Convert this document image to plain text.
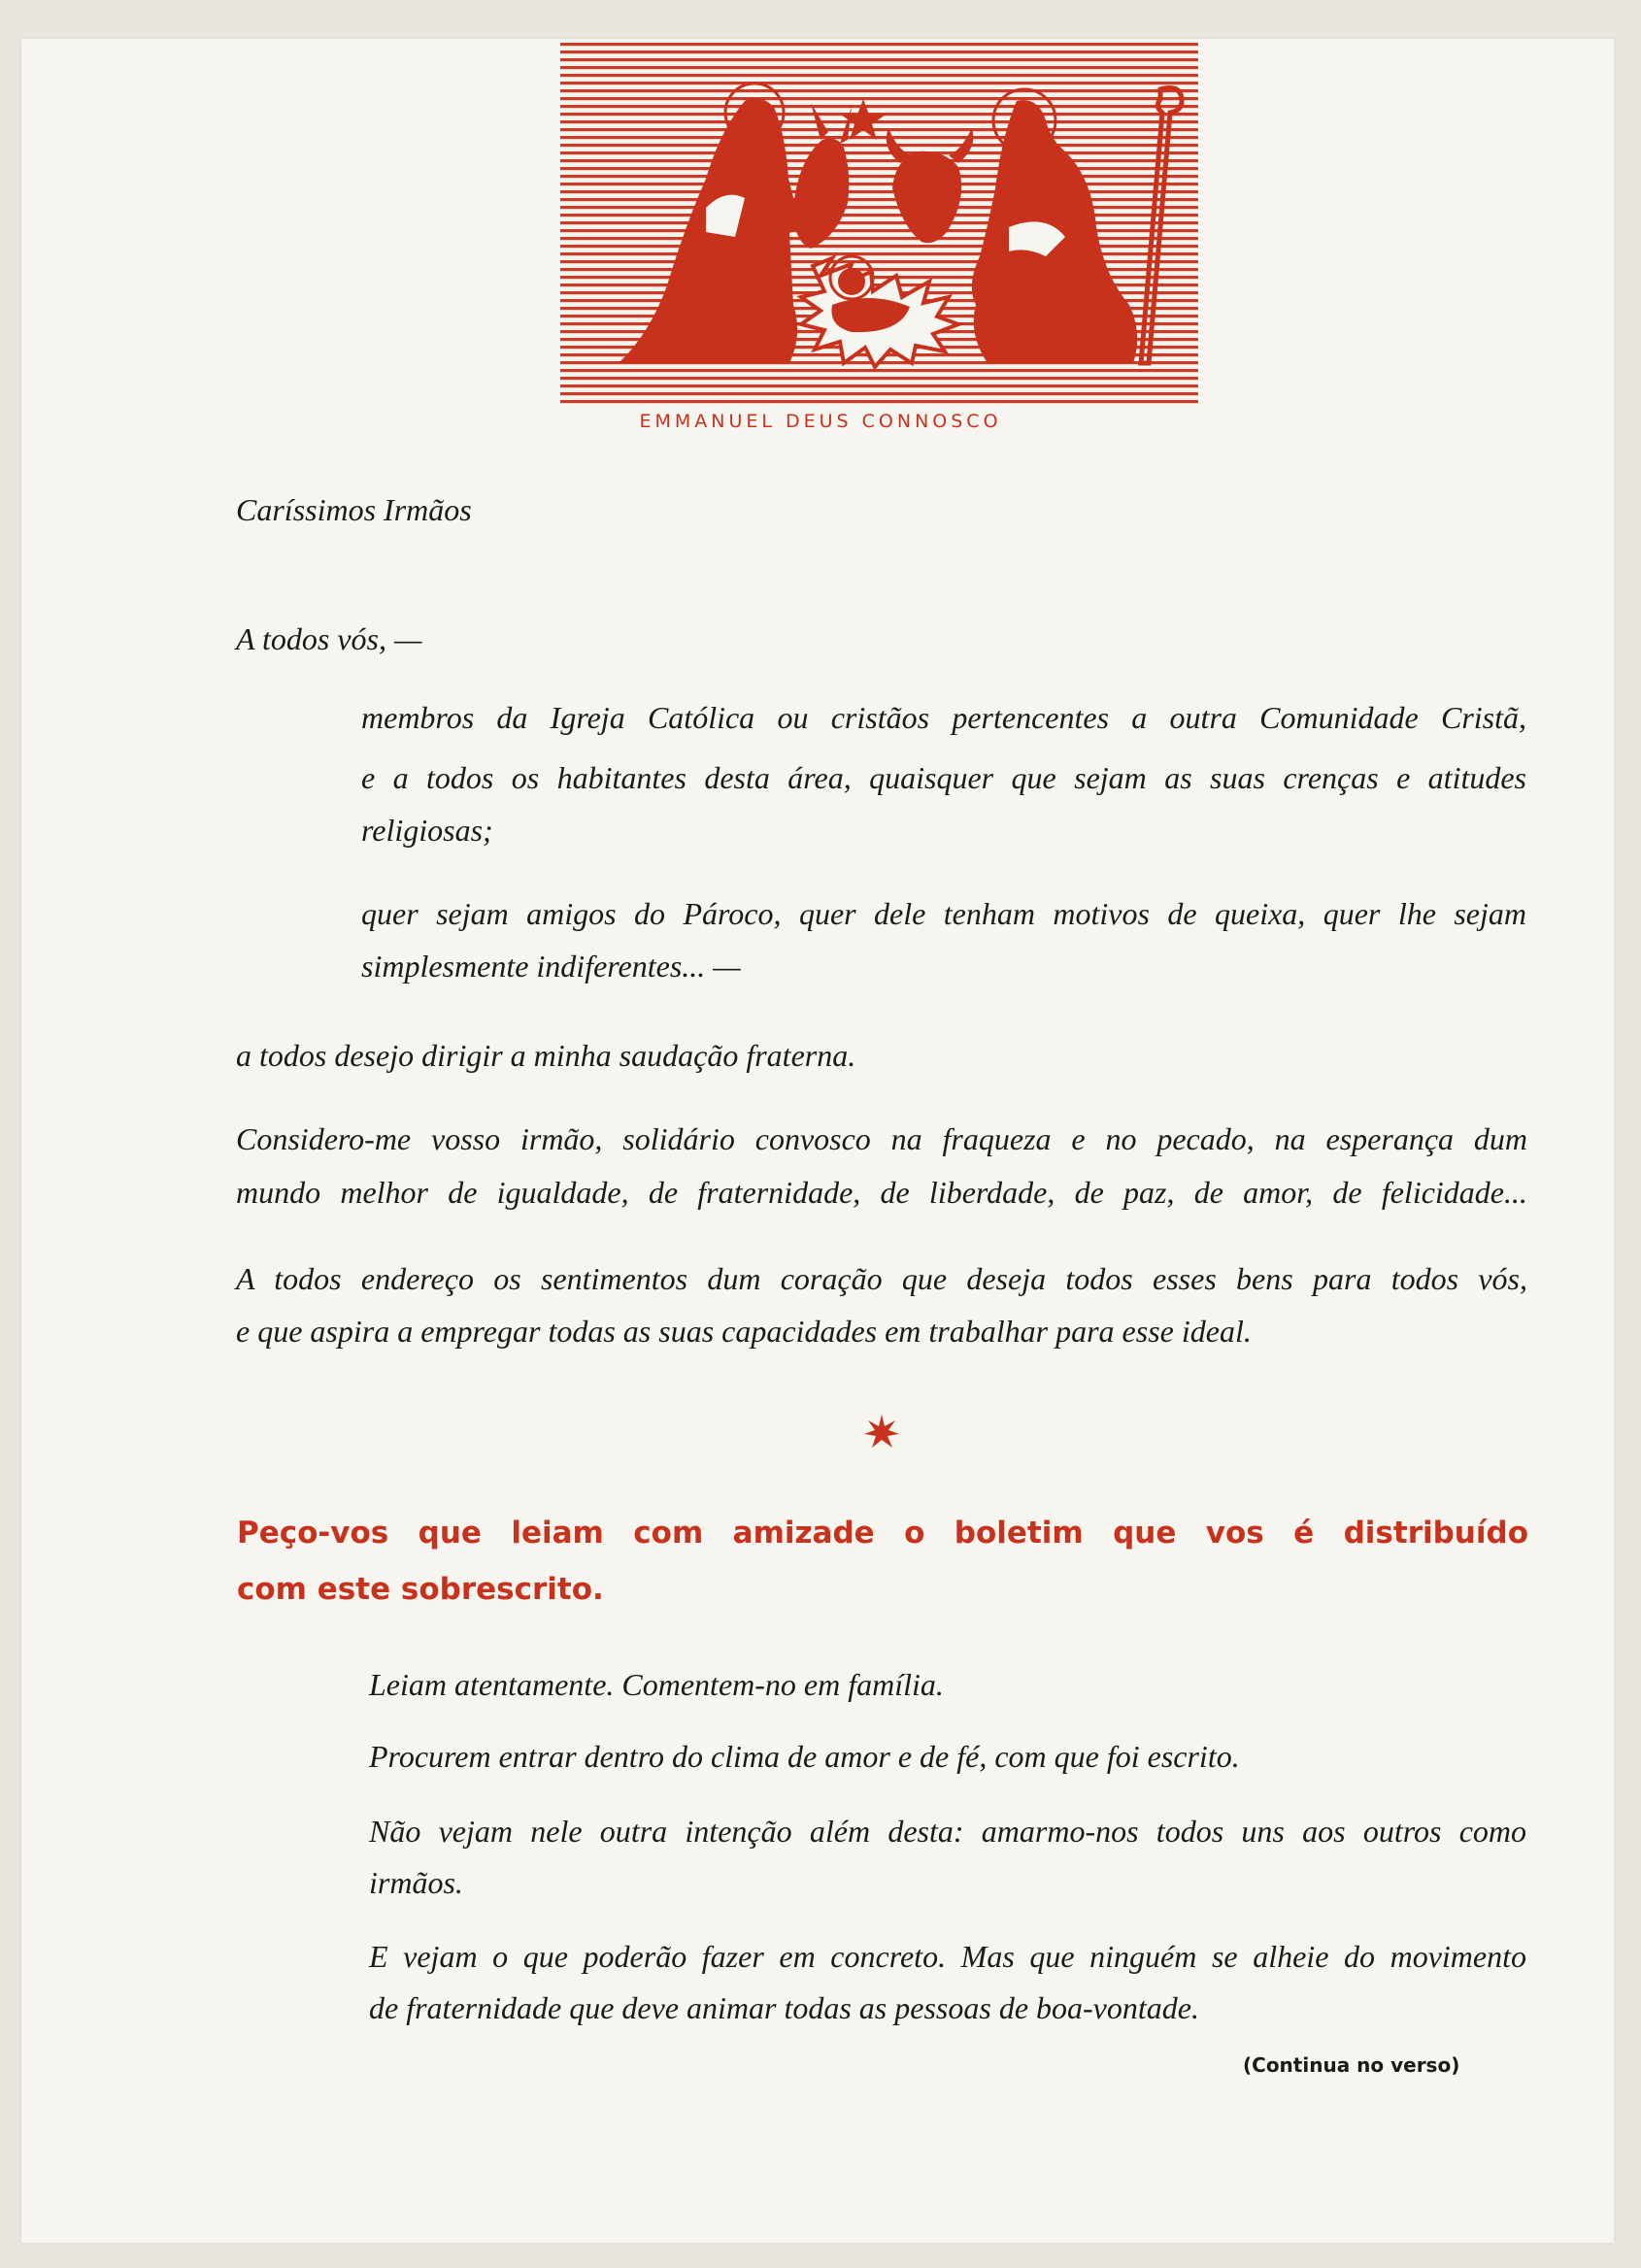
EMMANUEL DEUS CONNOSCO

Caríssimos Irmãos

A todos vós, —

membros da Igreja Católica ou cristãos pertencentes a outra Comunidade Cristã,

e a todos os habitantes desta área, quaisquer que sejam as suas crenças e atitudes

religiosas;

quer sejam amigos do Pároco, quer dele tenham motivos de queixa, quer lhe sejam

simplesmente indiferentes... —

a todos desejo dirigir a minha saudação fraterna.

Considero-me vosso irmão, solidário convosco na fraqueza e no pecado, na esperança dum

mundo melhor de igualdade, de fraternidade, de liberdade, de paz, de amor, de felicidade...

A todos endereço os sentimentos dum coração que deseja todos esses bens para todos vós,

e que aspira a empregar todas as suas capacidades em trabalhar para esse ideal.

Peço-vos que leiam com amizade o boletim que vos é distribuído
com este sobrescrito.

Leiam atentamente. Comentem-no em família.

Procurem entrar dentro do clima de amor e de fé, com que foi escrito.

Não vejam nele outra intenção além desta: amarmo-nos todos uns aos outros como

irmãos.

E vejam o que poderão fazer em concreto. Mas que ninguém se alheie do movimento

de fraternidade que deve animar todas as pessoas de boa-vontade.

(Continua no verso)
